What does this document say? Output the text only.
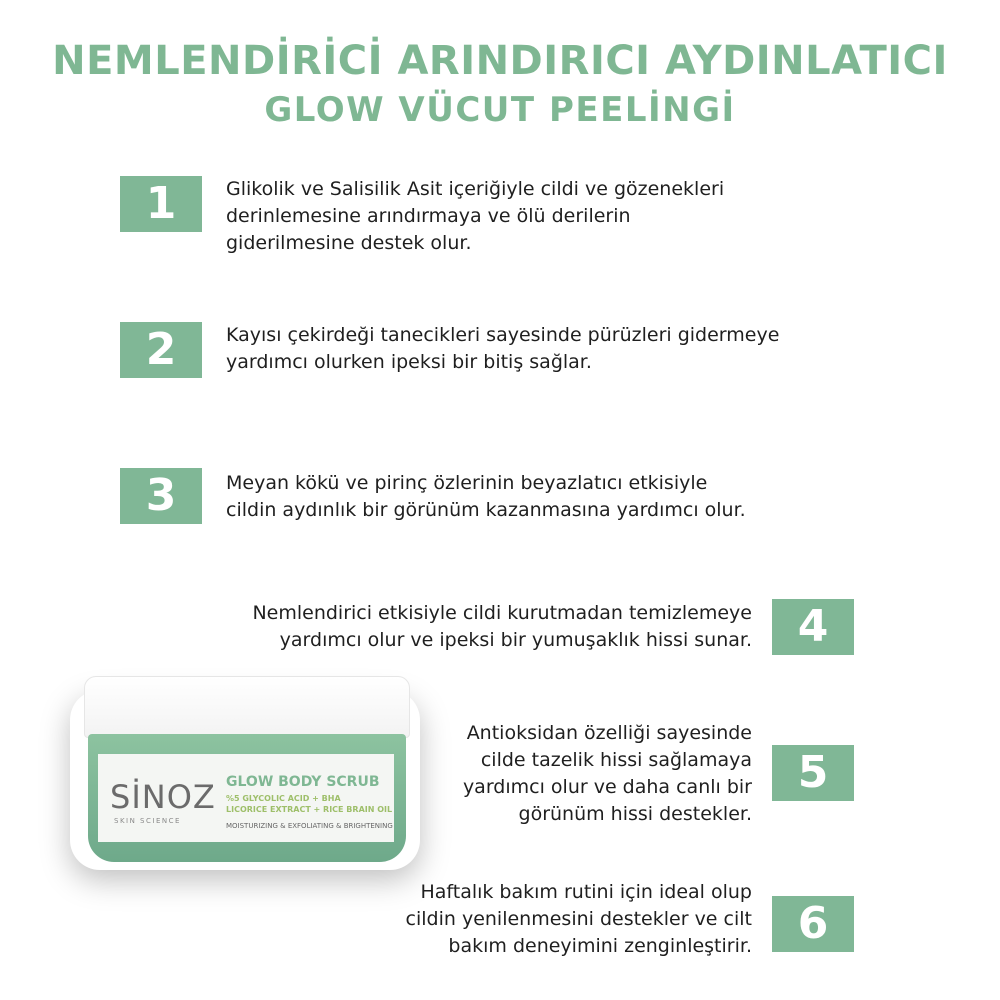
NEMLENDİRİCİ ARINDIRICI AYDINLATICI
GLOW VÜCUT PEELİNGİ
1	Glikolik ve Salisilik Asit içeriğiyle cildi ve gözenekleri
derinlemesine arındırmaya ve ölü derilerin
giderilmesine destek olur.
2	Kayısı çekirdeği tanecikleri sayesinde pürüzleri gidermeye
yardımcı olurken ipeksi bir bitiş sağlar.
3	Meyan kökü ve pirinç özlerinin beyazlatıcı etkisiyle
cildin aydınlık bir görünüm kazanmasına yardımcı olur.
4
Nemlendirici etkisiyle cildi kurutmadan temizlemeye
yardımcı olur ve ipeksi bir yumuşaklık hissi sunar.
5
Antioksidan özelliği sayesinde
cilde tazelik hissi sağlamaya
yardımcı olur ve daha canlı bir
görünüm hissi destekler.
6
Haftalık bakım rutini için ideal olup
cildin yenilenmesini destekler ve cilt
bakım deneyimini zenginleştirir.
SİNOZ
SKIN SCIENCE
GLOW BODY SCRUB
%5 GLYCOLIC ACID + BHA
LICORICE EXTRACT + RICE BRAIN OIL
MOISTURIZING & EXFOLIATING & BRIGHTENING
